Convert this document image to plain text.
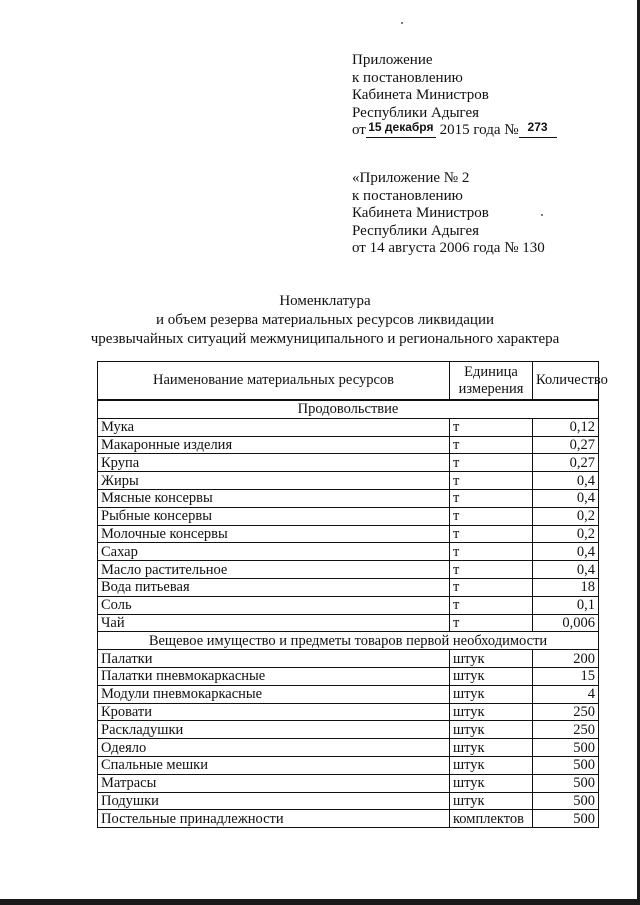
Приложение
к постановлению
Кабинета Министров
Республики Адыгея
от $^{15 декабря}$ 2015 года № $^{273}$
«Приложение № 2
к постановлению
Кабинета Министров
Республики Адыгея
от 14 августа 2006 года № 130
Номенклатура
и объем резерва материальных ресурсов ликвидации
чрезвычайных ситуаций межмуниципального и регионального характера
Наименование материальных ресурсов	Единица измерения	Количество
Продовольствие		
Мука	т	0,12
Макаронные изделия	т	0,27
Крупа	т	0,27
Жиры	т	0,4
Мясные консервы	т	0,4
Рыбные консервы	т	0,2
Молочные консервы	т	0,2
Сахар	т	0,4
Масло растительное	т	0,4
Вода питьевая	т	18
Соль	т	0,1
Чай	т	0,006
Вещевое имущество и предметы товаров первой необходимости		
Палатки	штук	200
Палатки пневмокаркасные	штук	15
Модули пневмокаркасные	штук	4
Кровати	штук	250
Раскладушки	штук	250
Одеяло	штук	500
Спальные мешки	штук	500
Матрасы	штук	500
Подушки	штук	500
Постельные принадлежности	комплектов	500
